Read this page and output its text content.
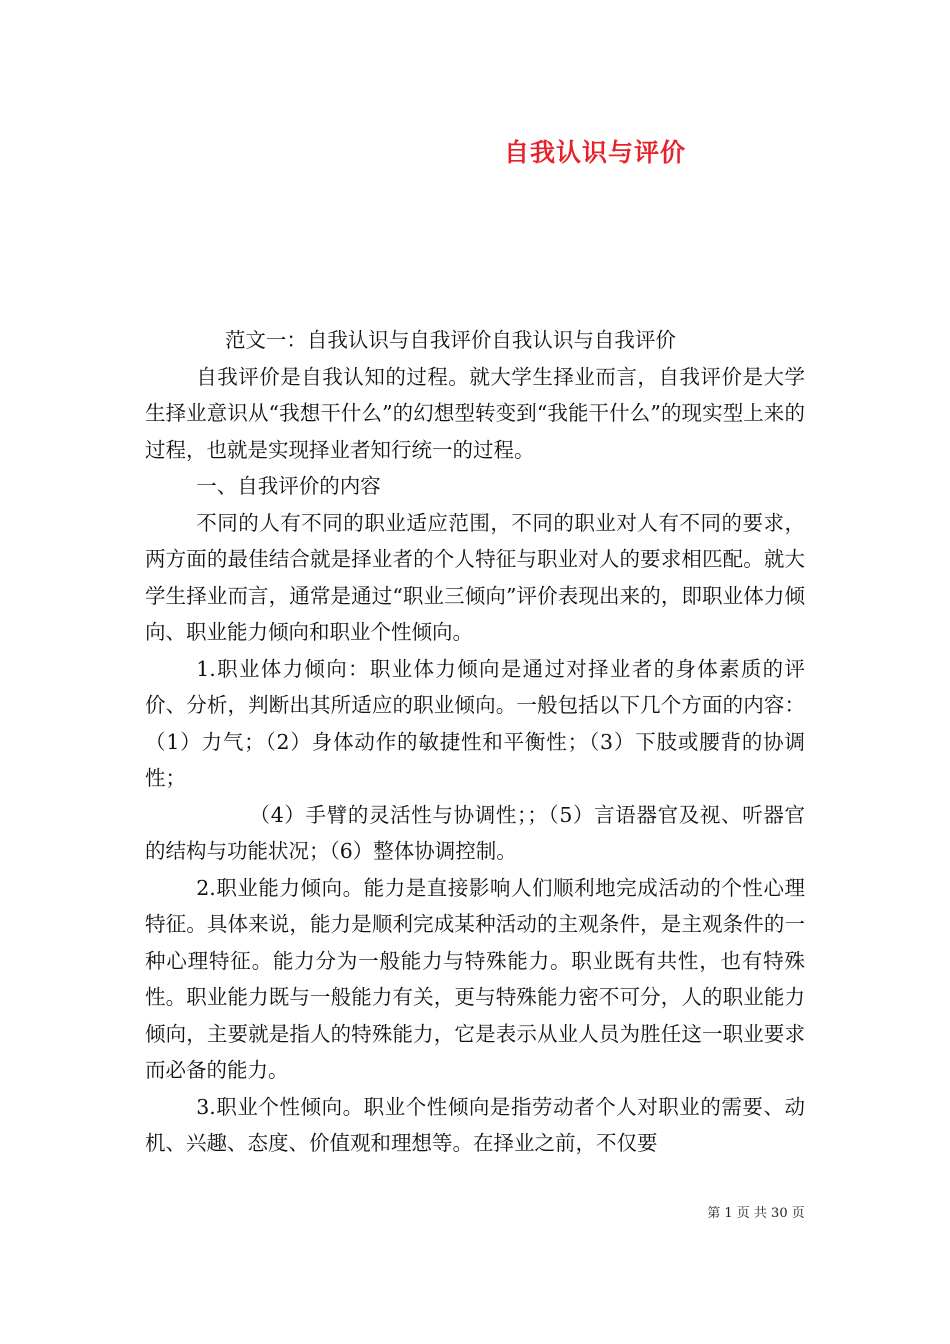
自我认识与评价

范文一：自我认识与自我评价自我认识与自我评价

自我评价是自我认知的过程。就大学生择业而言，自我评价是大学生择业意识从“我想干什么”的幻想型转变到“我能干什么”的现实型上来的过程，也就是实现择业者知行统一的过程。

一、自我评价的内容

不同的人有不同的职业适应范围，不同的职业对人有不同的要求，两方面的最佳结合就是择业者的个人特征与职业对人的要求相匹配。就大学生择业而言，通常是通过“职业三倾向”评价表现出来的，即职业体力倾向、职业能力倾向和职业个性倾向。

1.职业体力倾向：职业体力倾向是通过对择业者的身体素质的评价、分析，判断出其所适应的职业倾向。一般包括以下几个方面的内容：（1）力气；（2）身体动作的敏捷性和平衡性；（3）下肢或腰背的协调性；

（4）手臂的灵活性与协调性；；（5）言语器官及视、听器官的结构与功能状况；（6）整体协调控制。

2.职业能力倾向。能力是直接影响人们顺利地完成活动的个性心理特征。具体来说，能力是顺利完成某种活动的主观条件，是主观条件的一种心理特征。能力分为一般能力与特殊能力。职业既有共性，也有特殊性。职业能力既与一般能力有关，更与特殊能力密不可分，人的职业能力倾向，主要就是指人的特殊能力，它是表示从业人员为胜任这一职业要求而必备的能力。

3.职业个性倾向。职业个性倾向是指劳动者个人对职业的需要、动机、兴趣、态度、价值观和理想等。在择业之前，不仅要

第 1 页 共 30 页
